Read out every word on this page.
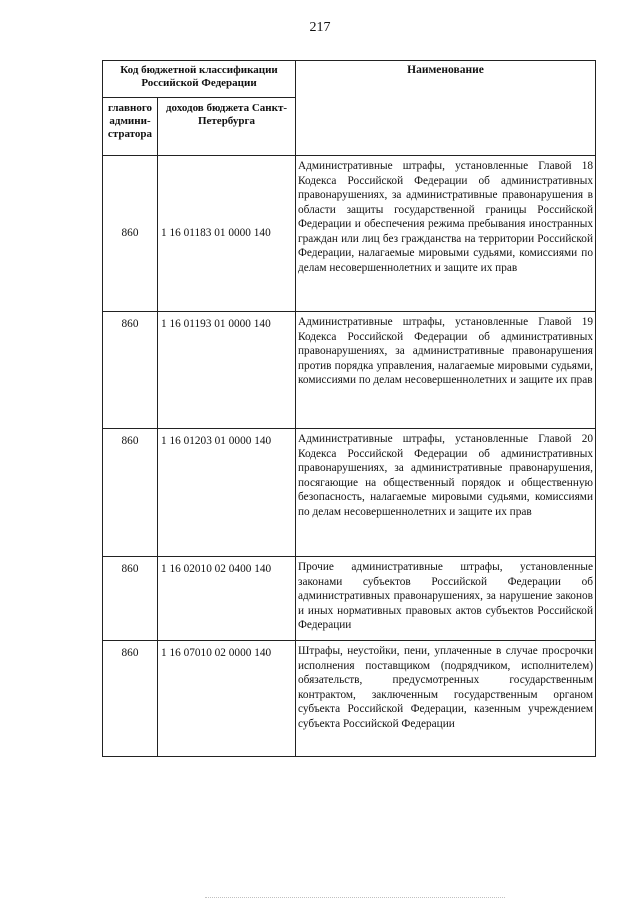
217
Код бюджетной классификации Российской Федерации		Наименование
главного админи-стратора	доходов бюджета Санкт-Петербурга	
860	1 16 01183 01 0000 140	Административные штрафы, установленные Главой 18 Кодекса Российской Федерации об административных правонарушениях, за административные правонарушения в области защиты государственной границы Российской Федерации и обеспечения режима пребывания иностранных граждан или лиц без гражданства на территории Российской Федерации, налагаемые мировыми судьями, комиссиями по делам несовершеннолетних и защите их прав
860	1 16 01193 01 0000 140	Административные штрафы, установленные Главой 19 Кодекса Российской Федерации об административных правонарушениях, за административные правонарушения против порядка управления, налагаемые мировыми судьями, комиссиями по делам несовершеннолетних и защите их прав
860	1 16 01203 01 0000 140	Административные штрафы, установленные Главой 20 Кодекса Российской Федерации об административных правонарушениях, за административные правонарушения, посягающие на общественный порядок и общественную безопасность, налагаемые мировыми судьями, комиссиями по делам несовершеннолетних и защите их прав
860	1 16 02010 02 0400 140	Прочие административные штрафы, установленные законами субъектов Российской Федерации об административных правонарушениях, за нарушение законов и иных нормативных правовых актов субъектов Российской Федерации
860	1 16 07010 02 0000 140	Штрафы, неустойки, пени, уплаченные в случае просрочки исполнения поставщиком (подрядчиком, исполнителем) обязательств, предусмотренных государственным контрактом, заключенным государственным органом субъекта Российской Федерации, казенным учреждением субъекта Российской Федерации
